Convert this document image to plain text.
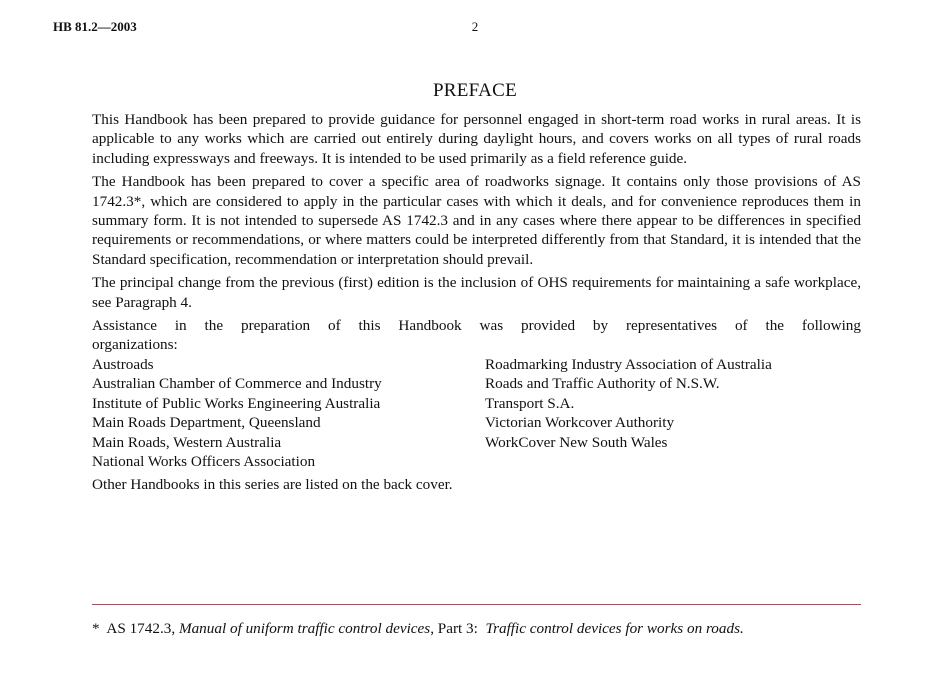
HB 81.2—2003	2
PREFACE

This Handbook has been prepared to provide guidance for personnel engaged in short-term road works in rural areas. It is applicable to any works which are carried out entirely during daylight hours, and covers works on all types of rural roads including expressways and freeways. It is intended to be used primarily as a field reference guide.

The Handbook has been prepared to cover a specific area of roadworks signage. It contains only those provisions of AS 1742.3*, which are considered to apply in the particular cases with which it deals, and for convenience reproduces them in summary form. It is not intended to supersede AS 1742.3 and in any cases where there appear to be differences in specified requirements or recommendations, or where matters could be interpreted differently from that Standard, it is intended that the Standard specification, recommendation or interpretation should prevail.

The principal change from the previous (first) edition is the inclusion of OHS requirements for maintaining a safe workplace, see Paragraph 4.

Assistance in the preparation of this Handbook was provided by representatives of the following

organizations:

Austroads
Australian Chamber of Commerce and Industry
Institute of Public Works Engineering Australia
Main Roads Department, Queensland
Main Roads, Western Australia
National Works Officers Association
Roadmarking Industry Association of Australia
Roads and Traffic Authority of N.S.W.
Transport S.A.
Victorian Workcover Authority
WorkCover New South Wales

Other Handbooks in this series are listed on the back cover.

* AS 1742.3, Manual of uniform traffic control devices, Part 3: Traffic control devices for works on roads.
